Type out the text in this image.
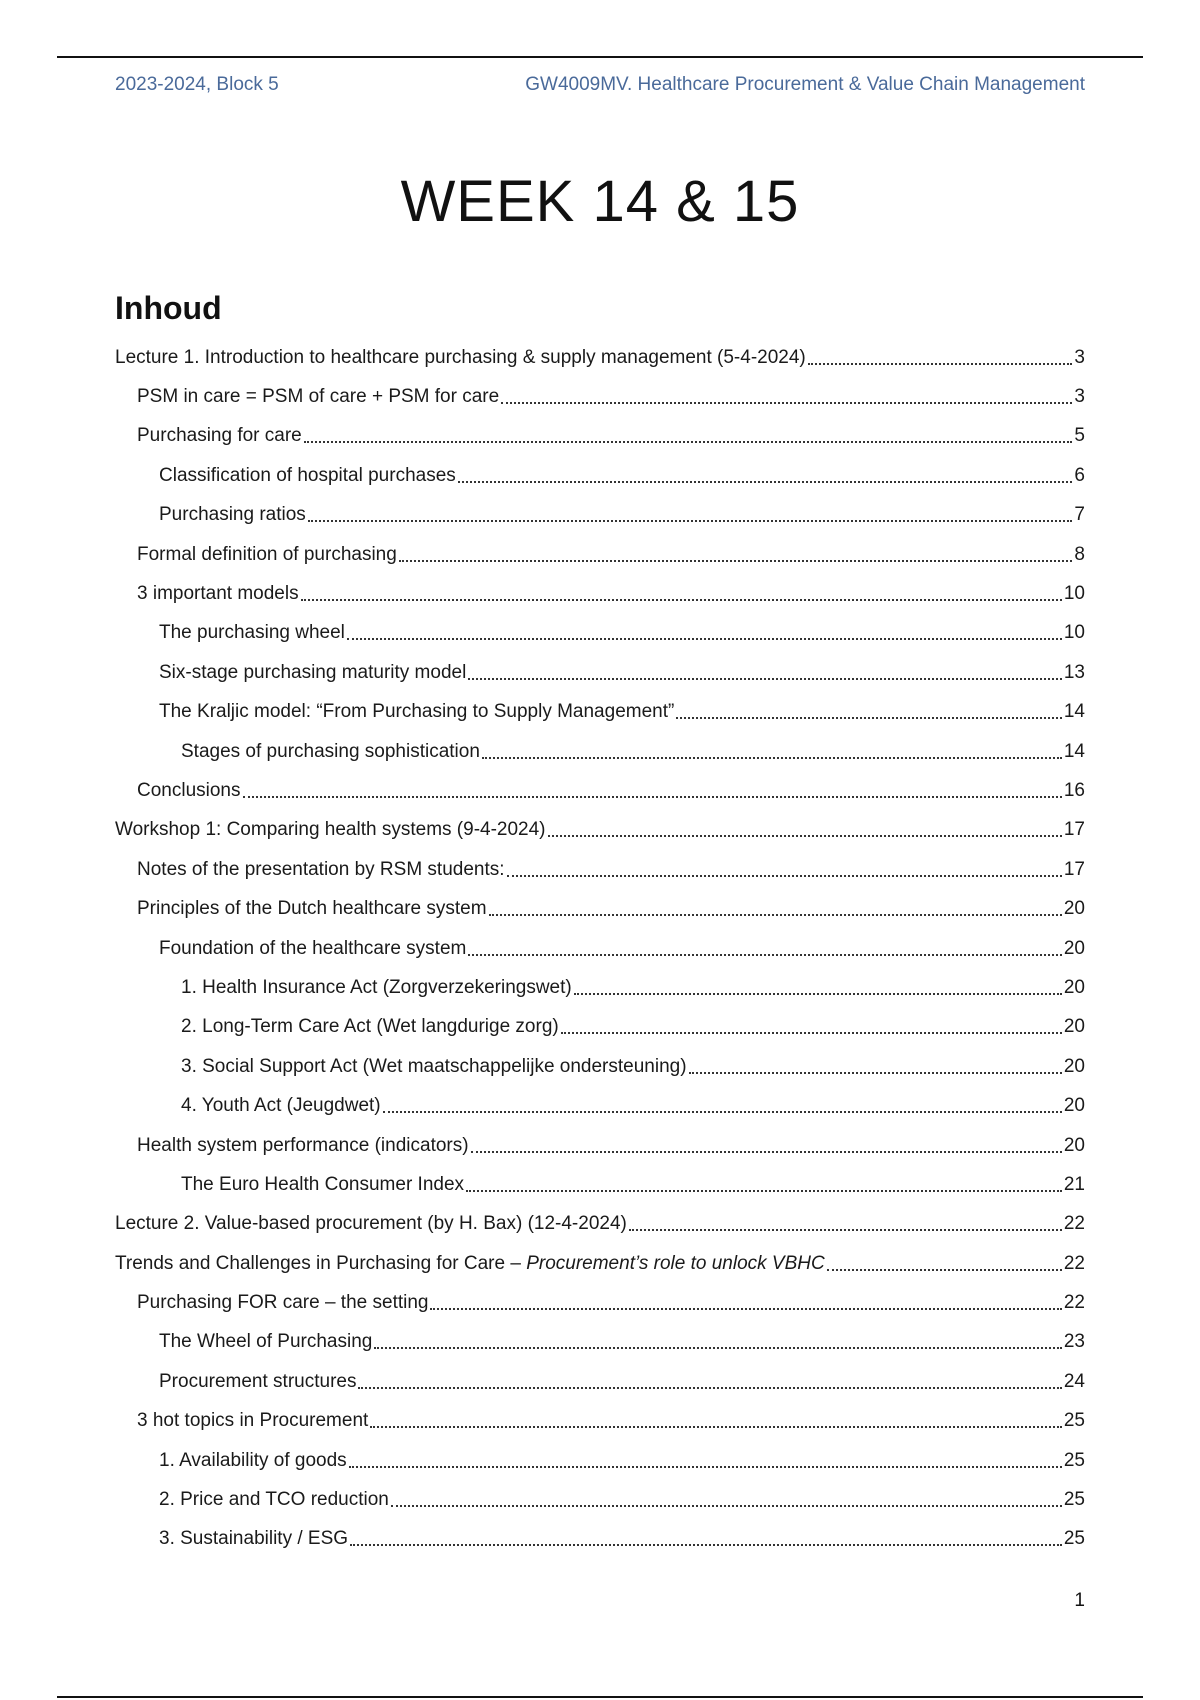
2023-2024, Block 5	GW4009MV. Healthcare Procurement & Value Chain Management
WEEK 14 & 15
Inhoud
Lecture 1. Introduction to healthcare purchasing & supply management (5-4-2024)	3
PSM in care = PSM of care + PSM for care	3
Purchasing for care	5
Classification of hospital purchases	6
Purchasing ratios	7
Formal definition of purchasing	8
3 important models	10
The purchasing wheel	10
Six-stage purchasing maturity model	13
The Kraljic model: “From Purchasing to Supply Management”	14
Stages of purchasing sophistication	14
Conclusions	16
Workshop 1: Comparing health systems (9-4-2024)	17
Notes of the presentation by RSM students:	17
Principles of the Dutch healthcare system	20
Foundation of the healthcare system	20
1. Health Insurance Act (Zorgverzekeringswet)	20
2. Long-Term Care Act (Wet langdurige zorg)	20
3. Social Support Act (Wet maatschappelijke ondersteuning)	20
4. Youth Act (Jeugdwet)	20
Health system performance (indicators)	20
The Euro Health Consumer Index	21
Lecture 2. Value-based procurement (by H. Bax) (12-4-2024)	22
Trends and Challenges in Purchasing for Care – Procurement’s role to unlock VBHC	22
Purchasing FOR care – the setting	22
The Wheel of Purchasing	23
Procurement structures	24
3 hot topics in Procurement	25
1. Availability of goods	25
2. Price and TCO reduction	25
3. Sustainability / ESG	25
1
